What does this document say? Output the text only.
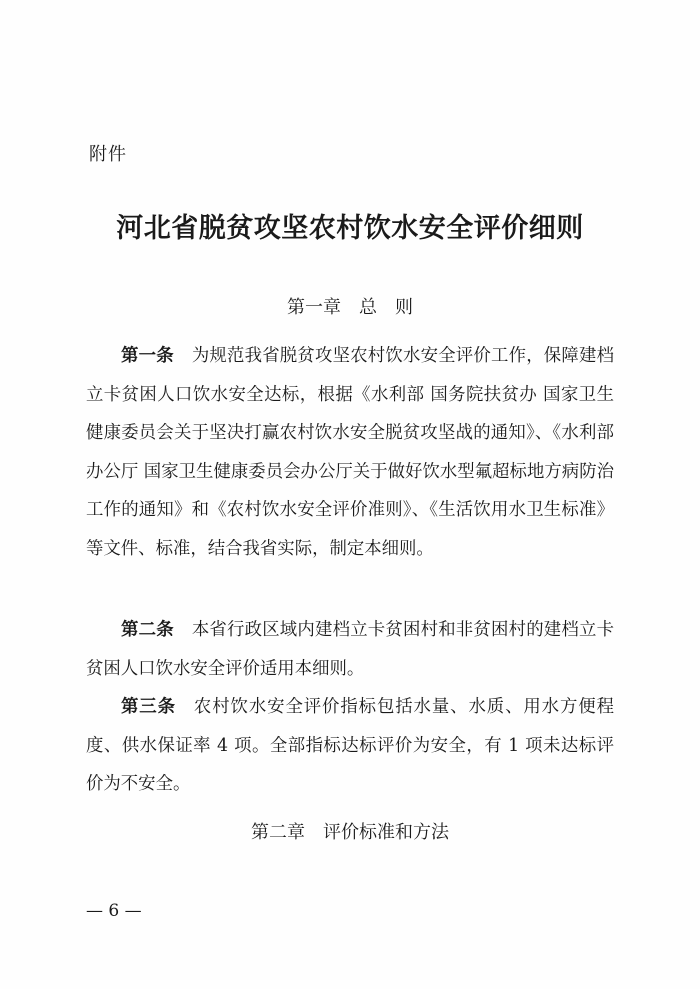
附件
河北省脱贫攻坚农村饮水安全评价细则
第一章　总　则

第一条 为规范我省脱贫攻坚农村饮水安全评价工作，保障建档立卡贫困人口饮水安全达标，根据《水利部 国务院扶贫办 国家卫生健康委员会关于坚决打赢农村饮水安全脱贫攻坚战的通知》、《水利部办公厅 国家卫生健康委员会办公厅关于做好饮水型氟超标地方病防治工作的通知》和《农村饮水安全评价准则》、《生活饮用水卫生标准》等文件、标准，结合我省实际，制定本细则。

第二条 本省行政区域内建档立卡贫困村和非贫困村的建档立卡贫困人口饮水安全评价适用本细则。

第三条 农村饮水安全评价指标包括水量、水质、用水方便程度、供水保证率 4 项。全部指标达标评价为安全，有 1 项未达标评价为不安全。

第二章　评价标准和方法
— 6 —
